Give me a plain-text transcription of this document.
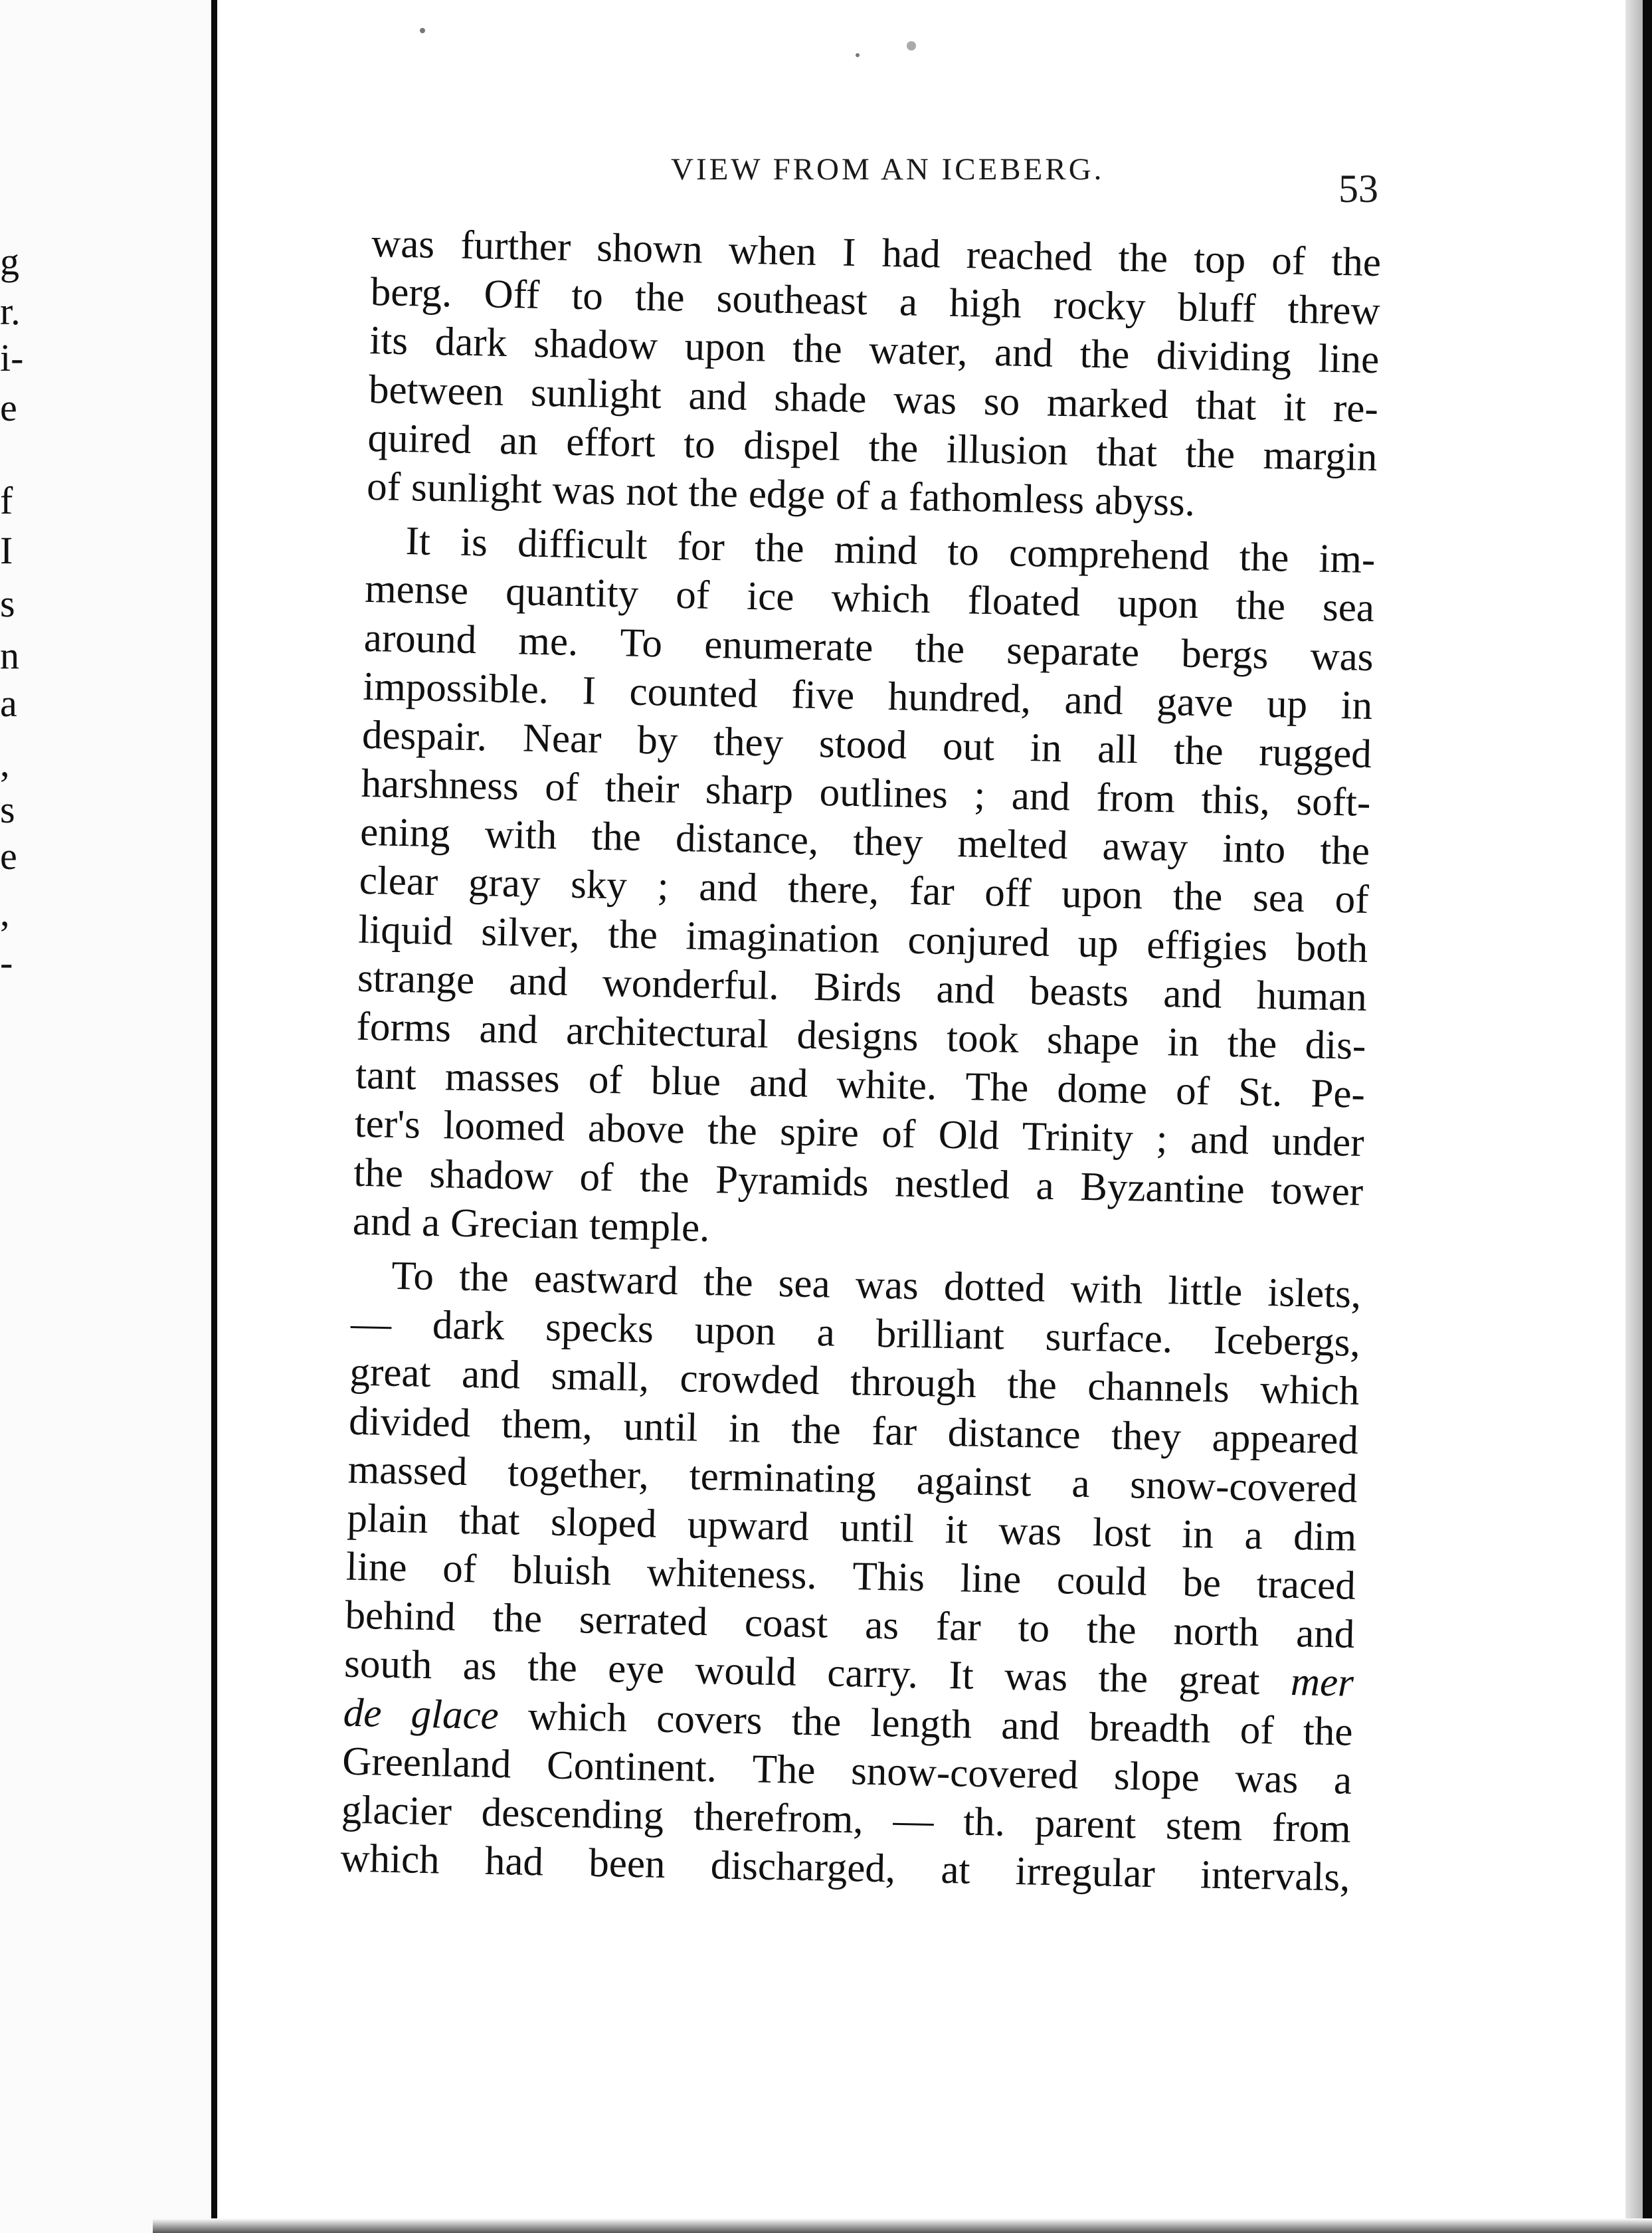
g
r.
i-
e
f
I
s
n
a
,
s
e
,
-
VIEW FROM AN ICEBERG.	53
was further shown when I had reached the top of the
berg. Off to the southeast a high rocky bluff threw
its dark shadow upon the water, and the dividing line
between sunlight and shade was so marked that it re-
quired an effort to dispel the illusion that the margin
of sunlight was not the edge of a fathomless abyss.
It is difficult for the mind to comprehend the im-
mense quantity of ice which floated upon the sea
around me. To enumerate the separate bergs was
impossible. I counted five hundred, and gave up in
despair. Near by they stood out in all the rugged
harshness of their sharp outlines ; and from this, soft-
ening with the distance, they melted away into the
clear gray sky ; and there, far off upon the sea of
liquid silver, the imagination conjured up effigies both
strange and wonderful. Birds and beasts and human
forms and architectural designs took shape in the dis-
tant masses of blue and white. The dome of St. Pe-
ter's loomed above the spire of Old Trinity ; and under
the shadow of the Pyramids nestled a Byzantine tower
and a Grecian temple.
To the eastward the sea was dotted with little islets,
— dark specks upon a brilliant surface. Icebergs,
great and small, crowded through the channels which
divided them, until in the far distance they appeared
massed together, terminating against a snow-covered
plain that sloped upward until it was lost in a dim
line of bluish whiteness. This line could be traced
behind the serrated coast as far to the north and
south as the eye would carry. It was the great mer
de glace which covers the length and breadth of the
Greenland Continent. The snow-covered slope was a
glacier descending therefrom, — th. parent stem from
which had been discharged, at irregular intervals,
